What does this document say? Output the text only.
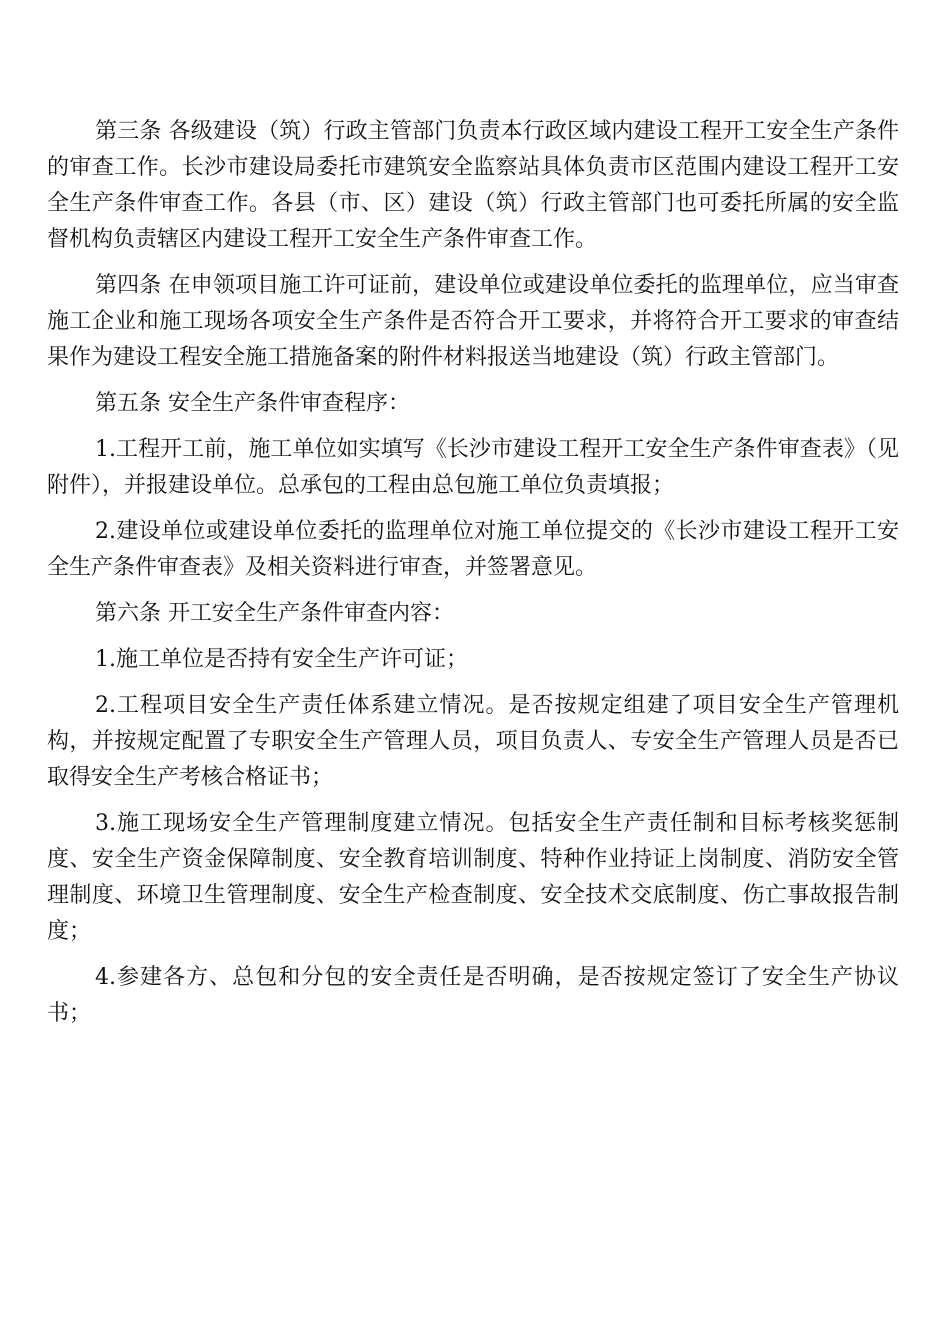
第三条 各级建设（筑）行政主管部门负责本行政区域内建设工程开工安全生产条件的审查工作。长沙市建设局委托市建筑安全监察站具体负责市区范围内建设工程开工安全生产条件审查工作。各县（市、区）建设（筑）行政主管部门也可委托所属的安全监督机构负责辖区内建设工程开工安全生产条件审查工作。

第四条 在申领项目施工许可证前，建设单位或建设单位委托的监理单位，应当审查施工企业和施工现场各项安全生产条件是否符合开工要求，并将符合开工要求的审查结果作为建设工程安全施工措施备案的附件材料报送当地建设（筑）行政主管部门。

第五条 安全生产条件审查程序：

1.工程开工前，施工单位如实填写《长沙市建设工程开工安全生产条件审查表》（见附件），并报建设单位。总承包的工程由总包施工单位负责填报；

2.建设单位或建设单位委托的监理单位对施工单位提交的《长沙市建设工程开工安全生产条件审查表》及相关资料进行审查，并签署意见。

第六条 开工安全生产条件审查内容：

1.施工单位是否持有安全生产许可证；

2.工程项目安全生产责任体系建立情况。是否按规定组建了项目安全生产管理机构，并按规定配置了专职安全生产管理人员，项目负责人、专安全生产管理人员是否已取得安全生产考核合格证书；

3.施工现场安全生产管理制度建立情况。包括安全生产责任制和目标考核奖惩制度、安全生产资金保障制度、安全教育培训制度、特种作业持证上岗制度、消防安全管理制度、环境卫生管理制度、安全生产检查制度、安全技术交底制度、伤亡事故报告制度；

4.参建各方、总包和分包的安全责任是否明确，是否按规定签订了安全生产协议书；
